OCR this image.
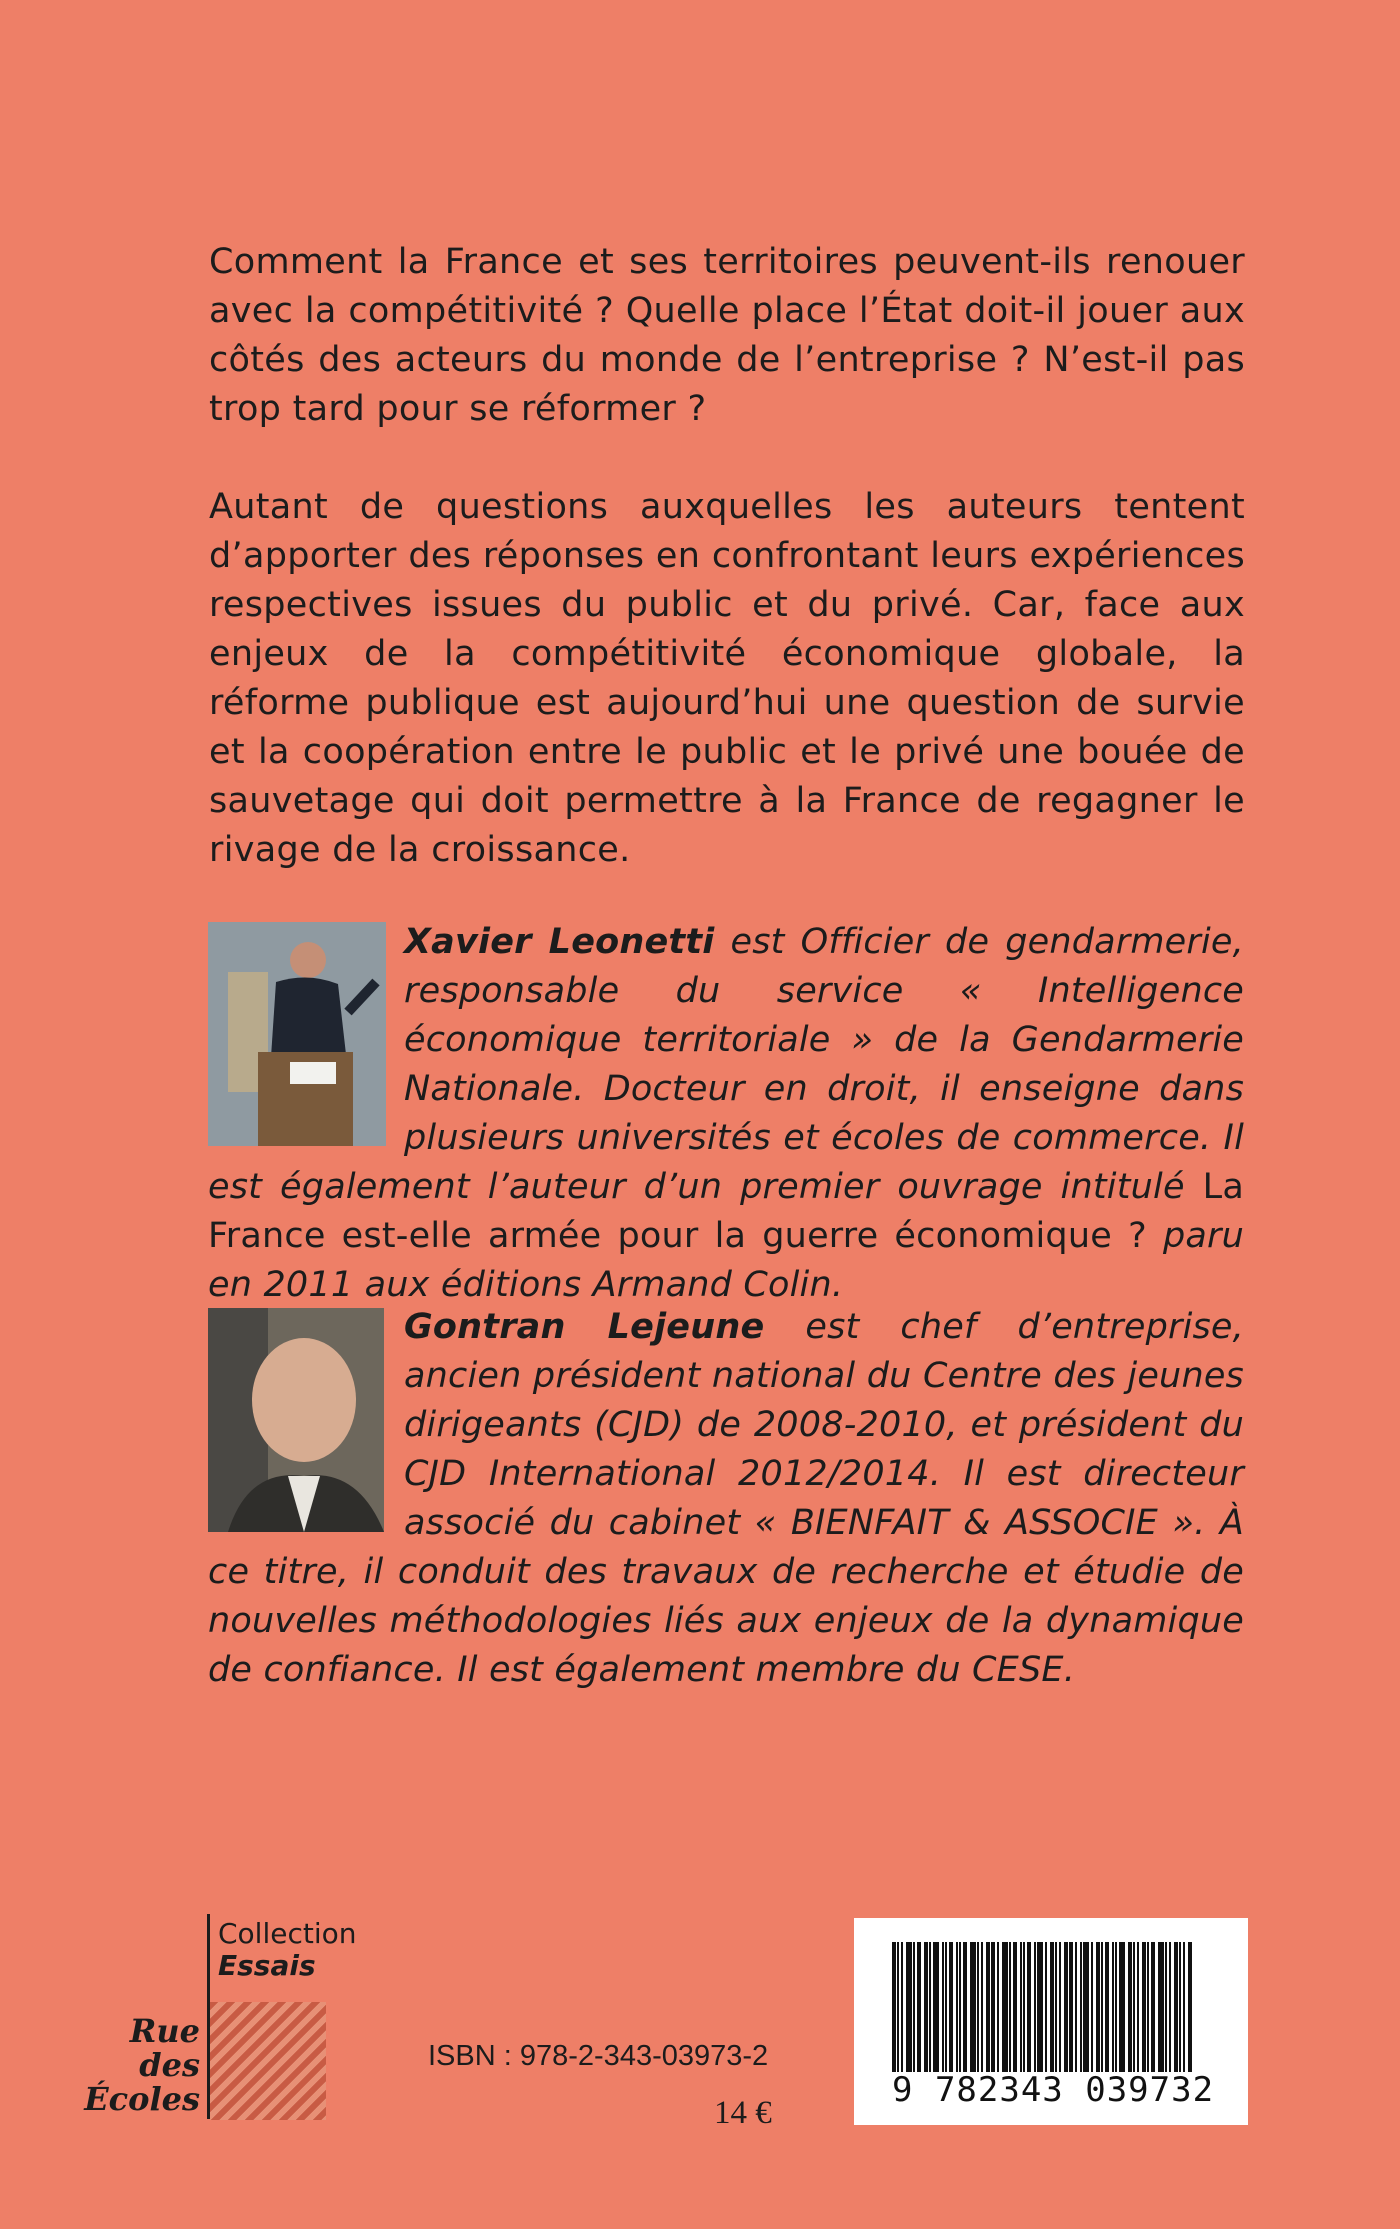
Comment la France et ses territoires peuvent-ils renouer avec la compétitivité ? Quelle place l’État doit-il jouer aux côtés des acteurs du monde de l’entreprise ? N’est-il pas trop tard pour se réformer ?

Autant de questions auxquelles les auteurs tentent d’apporter des réponses en confrontant leurs expériences respectives issues du public et du privé. Car, face aux enjeux de la compétitivité économique globale, la réforme publique est aujourd’hui une question de survie et la coopération entre le public et le privé une bouée de sauvetage qui doit permettre à la France de regagner le rivage de la croissance.

Xavier Leonetti est Officier de gendarmerie, responsable du service « Intelligence économique territoriale » de la Gendarmerie Nationale. Docteur en droit, il enseigne dans plusieurs universités et écoles de commerce. Il est également l’auteur d’un premier ouvrage intitulé La France est-elle armée pour la guerre économique ? paru en 2011 aux éditions Armand Colin.

Gontran Lejeune est chef d’entreprise, ancien président national du Centre des jeunes dirigeants (CJD) de 2008-2010, et président du CJD International 2012/2014. Il est directeur associé du cabinet « BIENFAIT & ASSOCIE ». À ce titre, il conduit des travaux de recherche et étudie de nouvelles méthodologies liés aux enjeux de la dynamique de confiance. Il est également membre du CESE.

Collection
Essais
Rue des Écoles
ISBN : 978-2-343-03973-2
14 €
9 782343 039732
